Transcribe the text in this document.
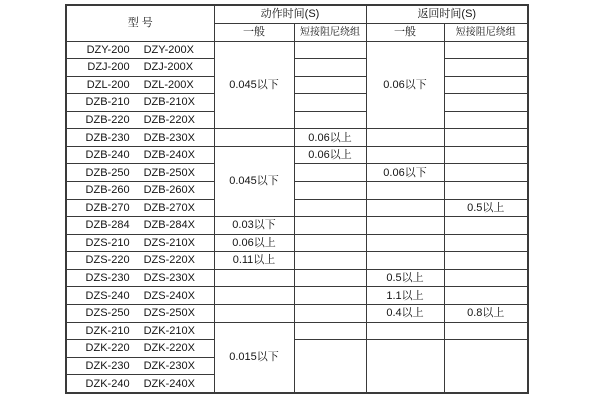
型 号	动作时间(S)		返回时间(S)	
	一般	短接阻尼绕组	一般	短接阻尼绕组
DZY-200 DZY-200X	0.045以下		0.06以下	
DZJ-200 DZJ-200X				
DZL-200 DZL-200X				
DZB-210 DZB-210X				
DZB-220 DZB-220X				
DZB-230 DZB-230X		0.06以上		
DZB-240 DZB-240X	0.045以下	0.06以上		
DZB-250 DZB-250X			0.06以下	
DZB-260 DZB-260X				
DZB-270 DZB-270X				0.5以上
DZB-284 DZB-284X	0.03以下			
DZS-210 DZS-210X	0.06以上			
DZS-220 DZS-220X	0.11以上			
DZS-230 DZS-230X			0.5以上	
DZS-240 DZS-240X			1.1以上	
DZS-250 DZS-250X			0.4以上	0.8以上
DZK-210 DZK-210X	0.015以下			
DZK-220 DZK-220X				
DZK-230 DZK-230X				
DZK-240 DZK-240X				
